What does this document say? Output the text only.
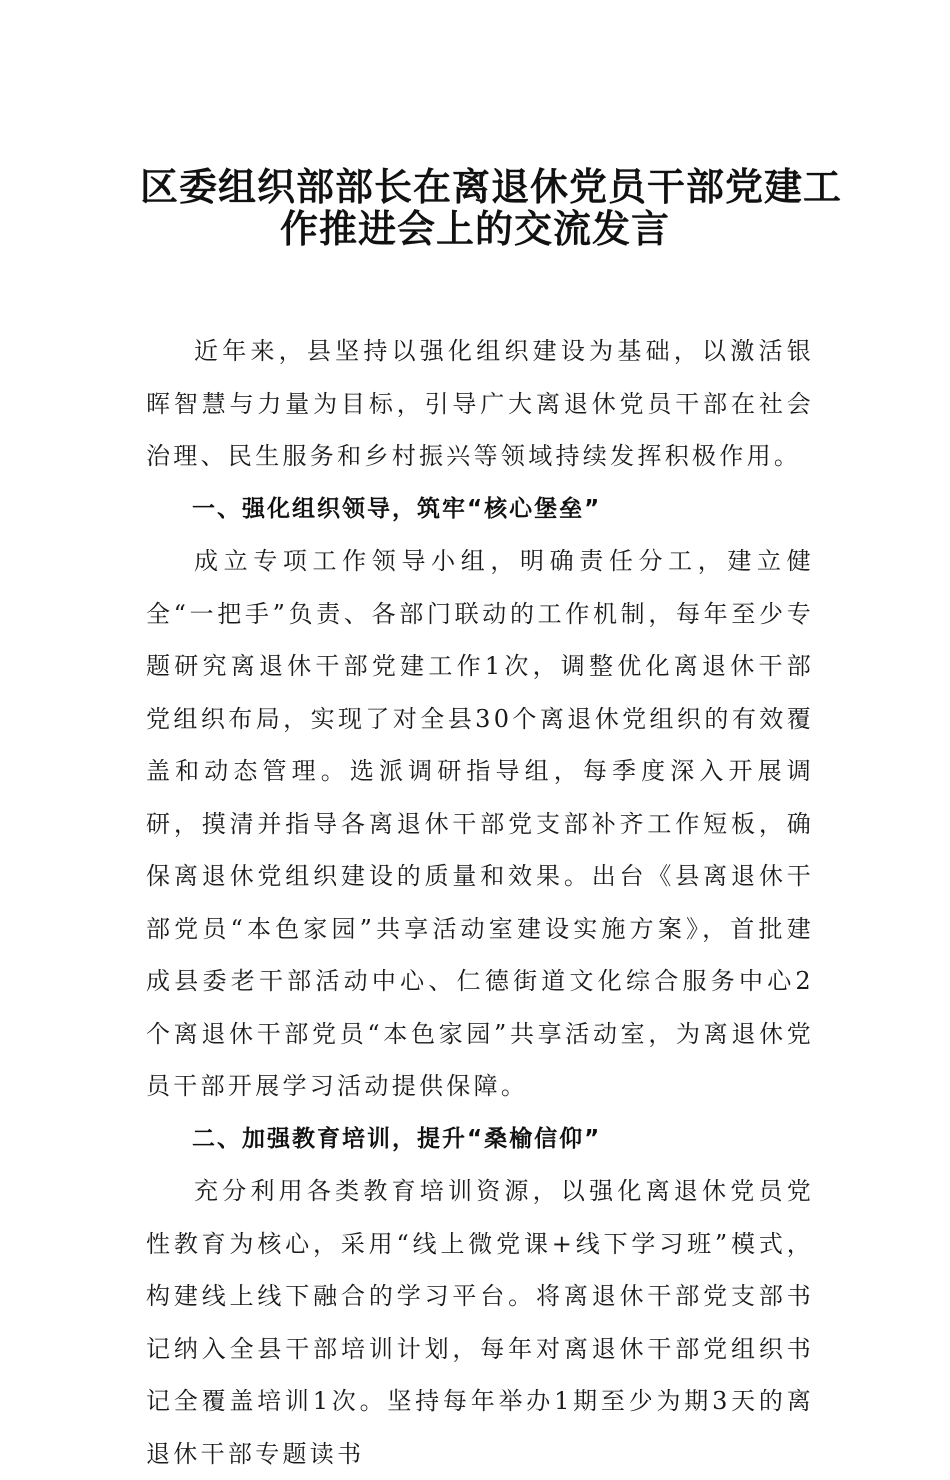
区委组织部部长在离退休党员干部党建工
作推进会上的交流发言

近年来，县坚持以强化组织建设为基础，以激活银晖智慧与力量为目标，引导广大离退休党员干部在社会治理、民生服务和乡村振兴等领域持续发挥积极作用。

一、强化组织领导，筑牢“核心堡垒”

成立专项工作领导小组，明确责任分工，建立健全“一把手”负责、各部门联动的工作机制，每年至少专题研究离退休干部党建工作1次，调整优化离退休干部党组织布局，实现了对全县30个离退休党组织的有效覆盖和动态管理。选派调研指导组，每季度深入开展调研，摸清并指导各离退休干部党支部补齐工作短板，确保离退休党组织建设的质量和效果。出台《县离退休干部党员“本色家园”共享活动室建设实施方案》，首批建成县委老干部活动中心、仁德街道文化综合服务中心2个离退休干部党员“本色家园”共享活动室，为离退休党员干部开展学习活动提供保障。

二、加强教育培训，提升“桑榆信仰”

充分利用各类教育培训资源，以强化离退休党员党性教育为核心，采用“线上微党课+线下学习班”模式，构建线上线下融合的学习平台。将离退休干部党支部书记纳入全县干部培训计划，每年对离退休干部党组织书记全覆盖培训1次。坚持每年举办1期至少为期3天的离退休干部专题读书
